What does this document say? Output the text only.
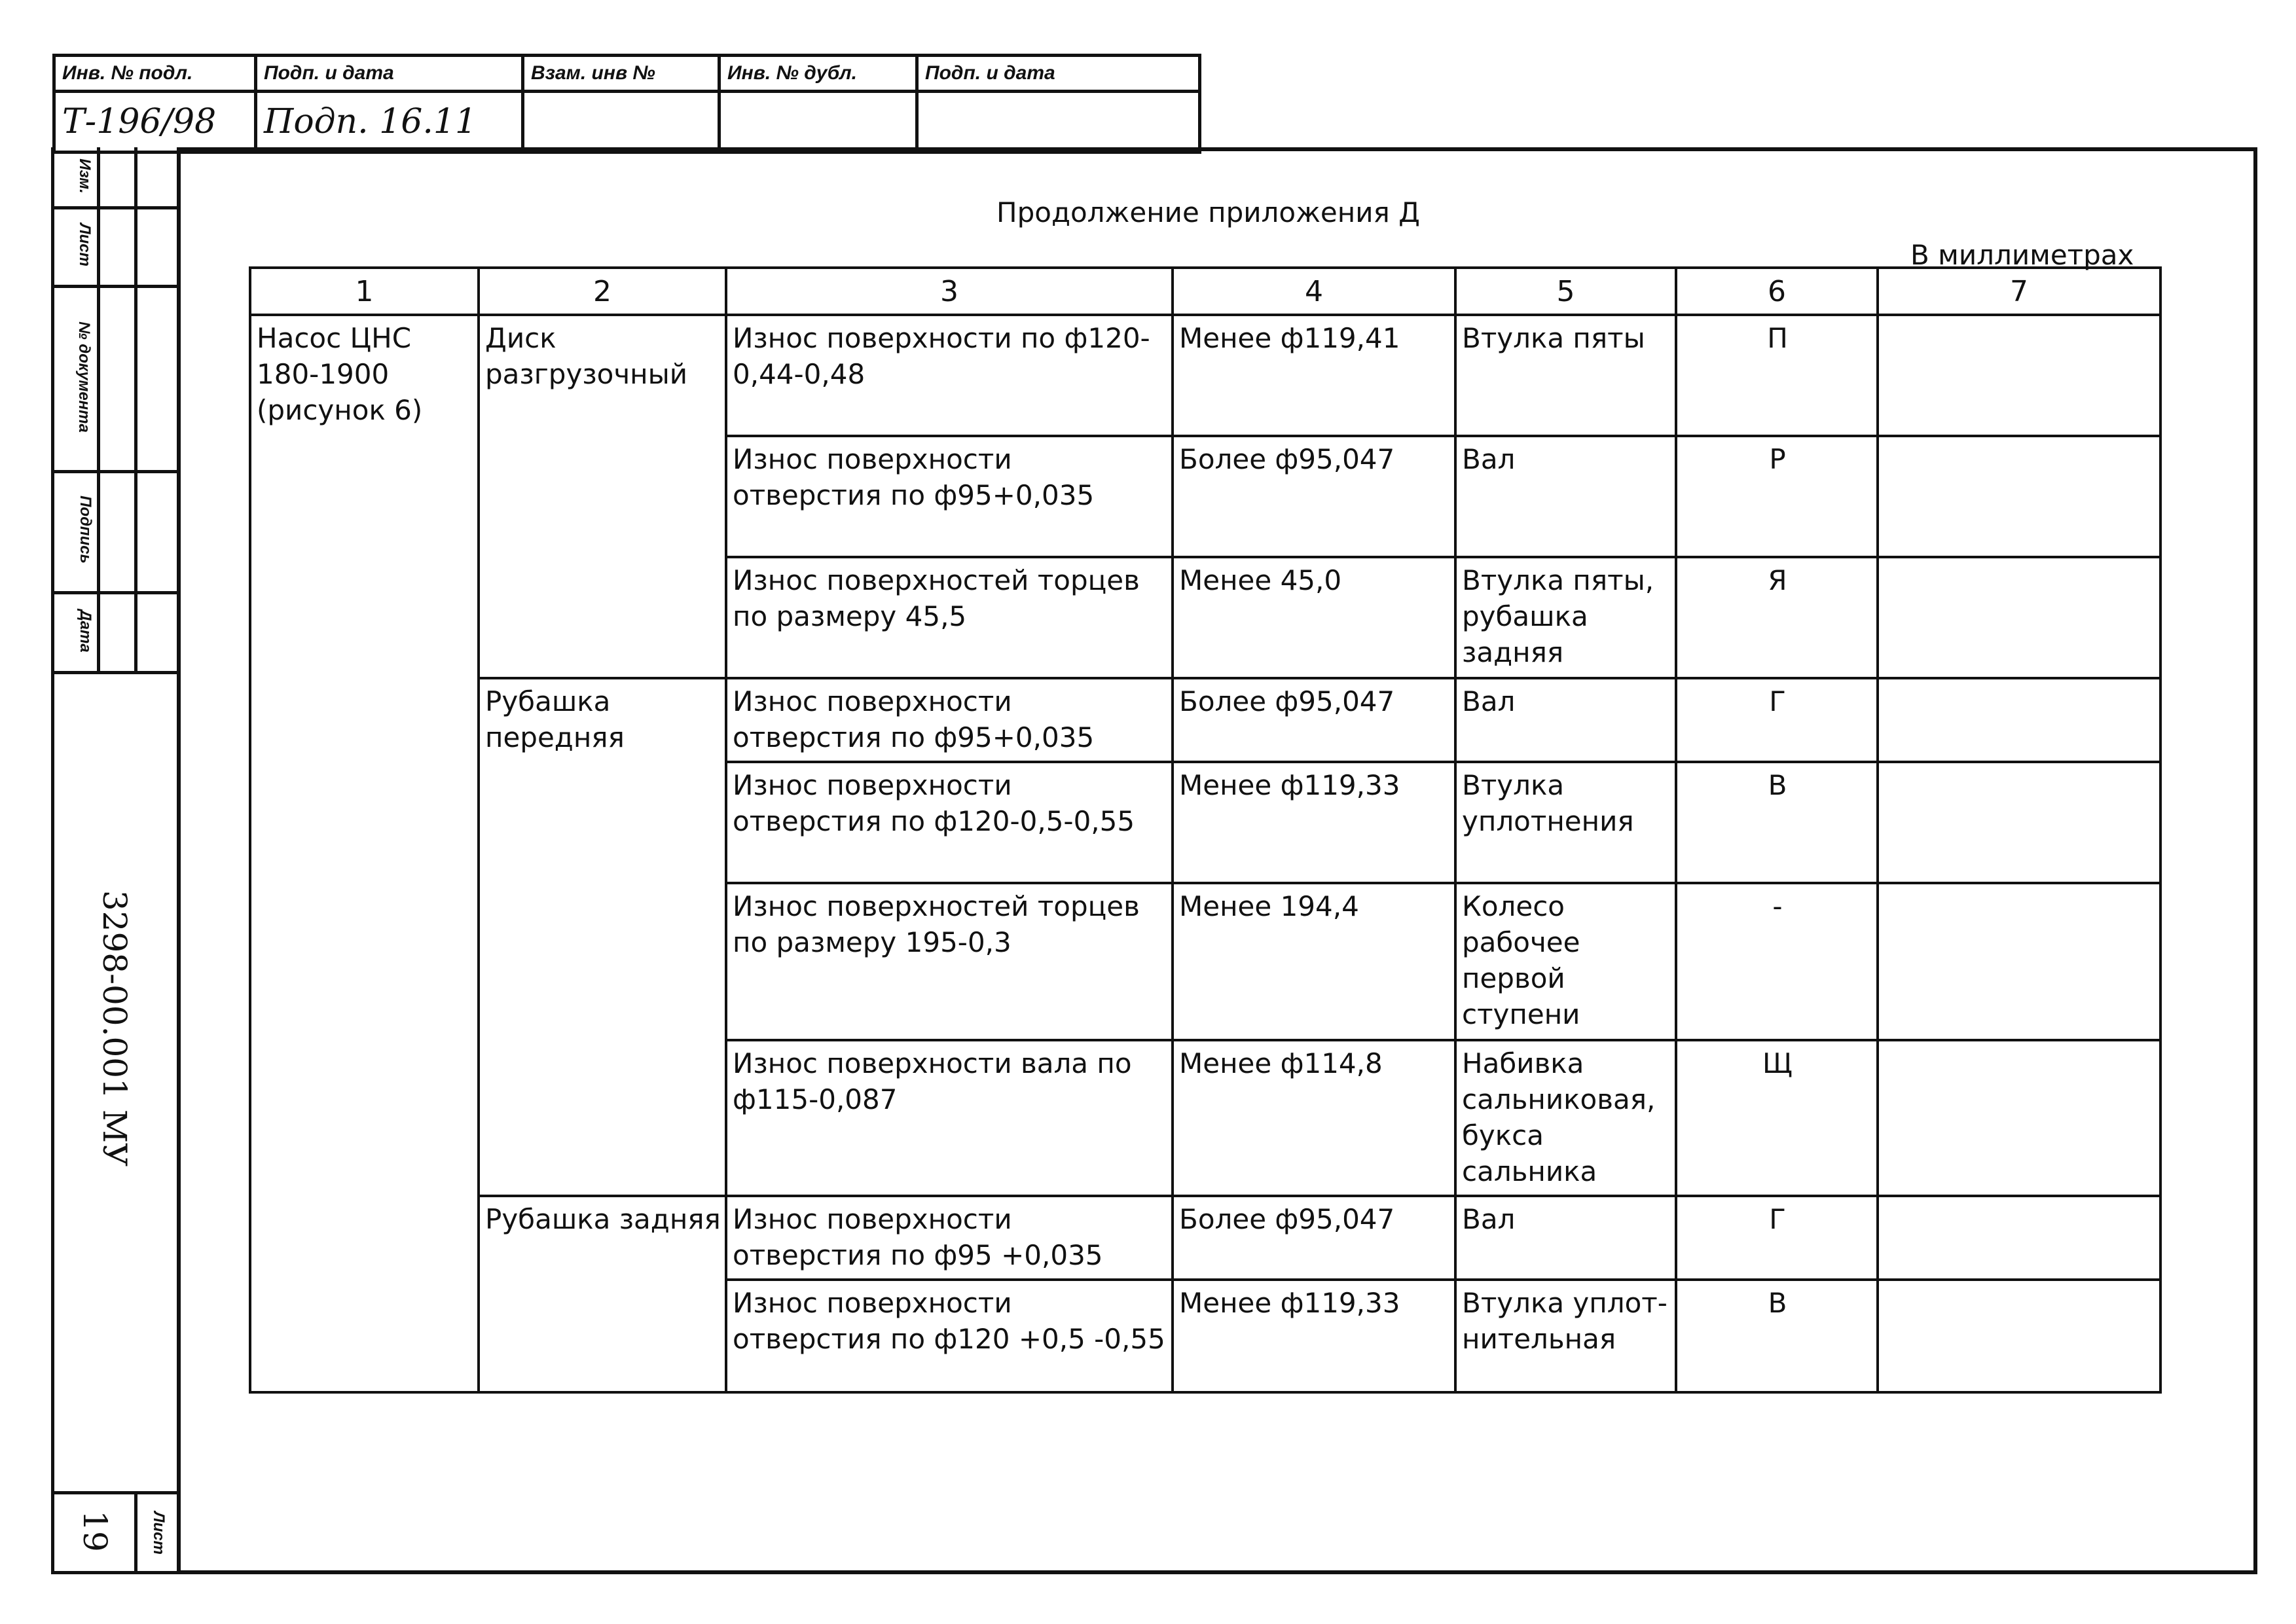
Инв. № подл.	Подп. и дата	Взам. инв №	Инв. № дубл.	Подп. и дата
Т-196/98	Подп. 16.11			
Изм.
Лист
№ документа
Подпись
Дата
3298-00.001 МУ
Лист
19
Продолжение приложения Д
В миллиметрах
1	2	3	4	5	6	7
Насос ЦНС 180-1900 (рисунок 6)	Диск разгрузочный	Износ поверхности по ф120-0,44-0,48	Менее ф119,41	Втулка пяты	П	
		Износ поверхности отверстия по ф95+0,035	Более ф95,047	Вал	Р	
		Износ поверхностей торцев по размеру 45,5	Менее 45,0	Втулка пяты, рубашка задняя	Я	
	Рубашка передняя	Износ поверхности отверстия по ф95+0,035	Более ф95,047	Вал	Г	
		Износ поверхности отверстия по ф120-0,5-0,55	Менее ф119,33	Втулка уплотнения	В	
		Износ поверхностей торцев по размеру 195-0,3	Менее 194,4	Колесо рабочее первой ступени	-	
		Износ поверхности вала по ф115-0,087	Менее ф114,8	Набивка сальниковая, букса сальника	Щ	
	Рубашка задняя	Износ поверхности отверстия по ф95 +0,035	Более ф95,047	Вал	Г	
		Износ поверхности отверстия по ф120 +0,5 -0,55	Менее ф119,33	Втулка уплот-нительная	В	
